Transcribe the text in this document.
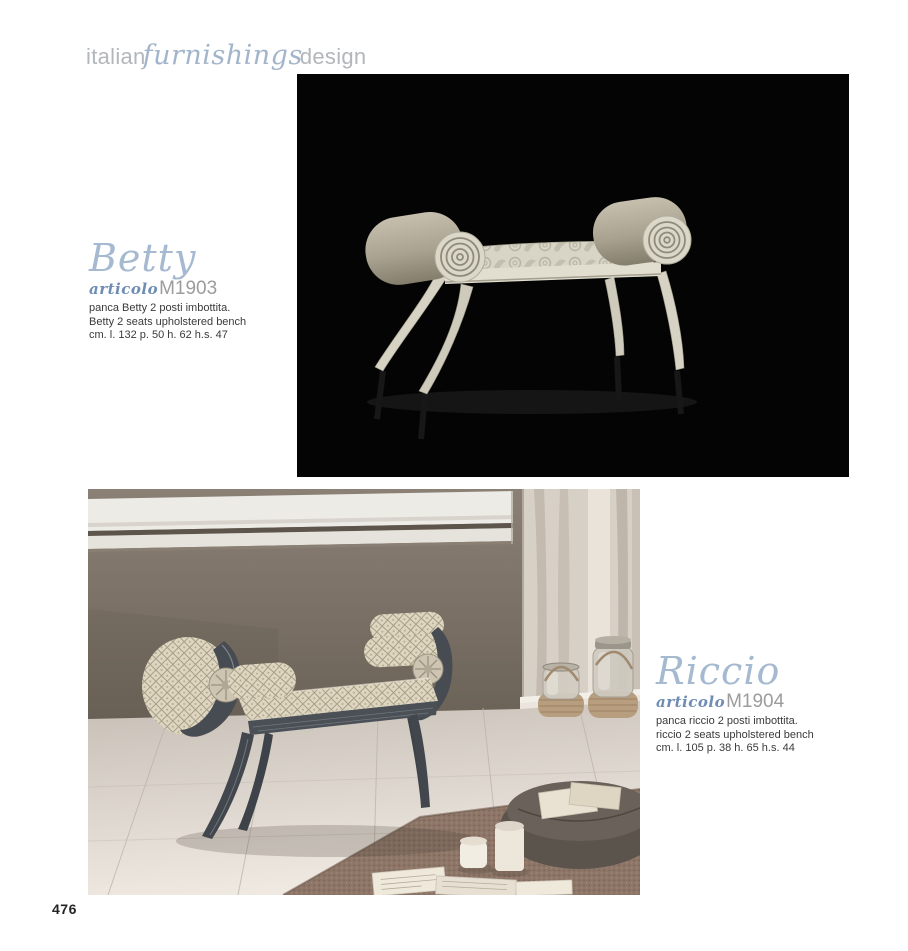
italianfurnishingsdesign
Betty
articoloM1903
panca Betty 2 posti imbottita.
Betty 2 seats upholstered bench
cm. l. 132 p. 50 h. 62 h.s. 47
Riccio
articoloM1904
panca riccio 2 posti imbottita.
riccio 2 seats upholstered bench
cm. l. 105 p. 38 h. 65 h.s. 44
476
